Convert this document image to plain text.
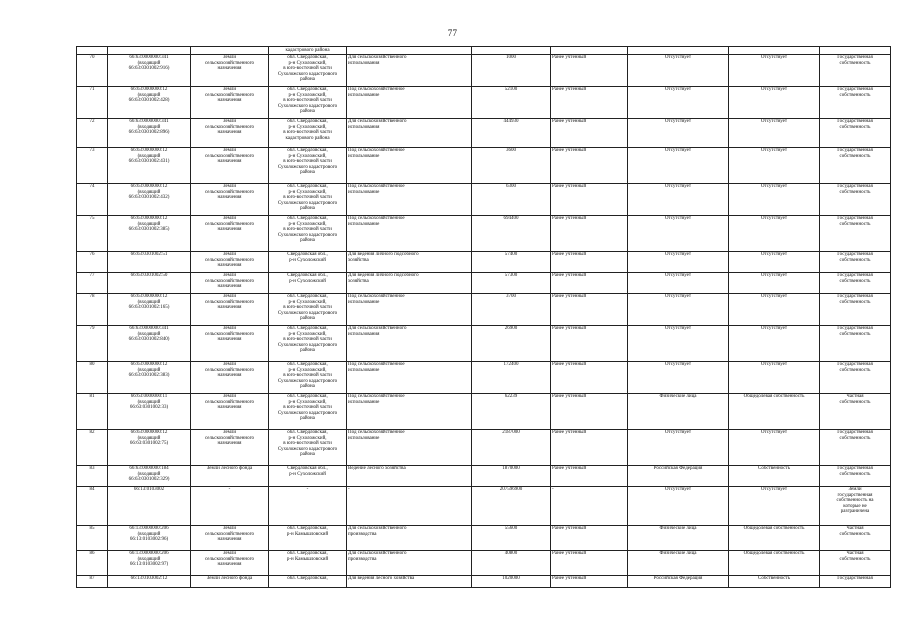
77
			кадастрового района						
70	66:63:0000000:341
(входящий
66:63:0301002:916)	Земли
сельскохозяйственного
назначения	обл. Свердловская,
р-н Сухоложский,
в юго-восточной части
Сухоложского кадастрового района	Для сельскохозяйственного
использования	1000	Ранее учтенный	Отсутствует	Отсутствует	Государственная
собственность
71	66:63:0000000:12
(входящий
66:63:0301002:428)	Земли
сельскохозяйственного
назначения	обл. Свердловская,
р-н Сухоложский,
в юго-восточной части
Сухоложского кадастрового
района	Под сельскохозяйственное
использование	52100	Ранее учтенный	Отсутствует	Отсутствует	Государственная
собственность
72	66:63:0000000:341
(входящий
66:63:0301002:896)	Земли
сельскохозяйственного
назначения	обл. Свердловская,
р-н Сухоложский,
в юго-восточной части
кадастрового района	Для сельскохозяйственного
использования	444930	Ранее учтенный	Отсутствует	Отсутствует	Государственная
собственность
73	66:63:0000000:12
(входящий
66:63:0301002:431)	Земли
сельскохозяйственного
назначения	обл. Свердловская,
р-н Сухоложский,
в юго-восточной части
Сухоложского кадастрового
района	Под сельскохозяйственное
использование	3600	Ранее учтенный	Отсутствует	Отсутствует	Государственная
собственность
74	66:63:0000000:12
(входящий
66:63:0301002:432)	Земли
сельскохозяйственного
назначения	обл. Свердловская,
р-н Сухоложский,
в юго-восточной части
Сухоложского кадастрового
района	Под сельскохозяйственное
использование	6300	Ранее учтенный	Отсутствует	Отсутствует	Государственная
собственность
75	66:63:0000000:12
(входящий
66:63:0301002:385)	Земли
сельскохозяйственного
назначения	обл. Свердловская,
р-н Сухоложский,
в юго-восточной части
Сухоложского кадастрового
района	Под сельскохозяйственное
использование	694400	Ранее учтенный	Отсутствует	Отсутствует	Государственная
собственность
76	66:63:0301002:51	Земли
сельскохозяйственного
назначения	Свердловская обл.,
р-н Сухоложский	Для ведения личного подсобного
хозяйства	57400	Ранее учтенный	Отсутствует	Отсутствует	Государственная
собственность
77	66:63:0301002:50	Земли
сельскохозяйственного
назначения	Свердловская обл.,
р-н Сухоложский	Для ведения личного подсобного
хозяйства	57300	Ранее учтенный	Отсутствует	Отсутствует	Государственная
собственность
78	66:63:0000000:12
(входящий
66:63:0301002:165)	Земли
сельскохозяйственного
назначения	обл. Свердловская,
р-н Сухоложский,
в юго-восточной части
Сухоложского кадастрового
района	Под сельскохозяйственное
использование	3700	Ранее учтенный	Отсутствует	Отсутствует	Государственная
собственность
79	66:63:0000000:341
(входящий
66:63:0301002:840)	Земли
сельскохозяйственного
назначения	обл. Свердловская,
р-н Сухоложский,
в юго-восточной части
Сухоложского кадастрового
района	Для сельскохозяйственного
использования	26900	Ранее учтенный	Отсутствует	Отсутствует	Государственная
собственность
80	66:63:0000000:12
(входящий
66:63:0301002:383)	Земли
сельскохозяйственного
назначения	обл. Свердловская,
р-н Сухоложский,
в юго-восточной части
Сухоложского кадастрового
района	Под сельскохозяйственное
использование	172400	Ранее учтенный	Отсутствует	Отсутствует	Государственная
собственность
81	66:63:0000000:11
(входящий
66:63:0301002:33)	Земли
сельскохозяйственного
назначения	обл. Свердловская,
р-н Сухоложский,
в юго-восточной части
Сухоложского кадастрового
района	Под сельскохозяйственное
использование	62239	Ранее учтенный	Физические лица	Общедолевая собственность	Частная
собственность
82	66:63:0000000:12
(входящий
66:63:0301002:75)	Земли
сельскохозяйственного
назначения	обл. Свердловская,
р-н Сухоложский,
в юго-восточной части
Сухоложского кадастрового
района	Под сельскохозяйственное
использование	2187000	Ранее учтенный	Отсутствует	Отсутствует	Государственная
собственность
83	66:63:0000000:184
(входящий
66:63:0301002:329)	Земли лесного фонда	Свердловская обл.,
р-н Сухоложский	Ведение лесного хозяйства	1870000	Ранее учтенный	Российская Федерация	Собственность	Государственная
собственность
84	66:13:0103002	-	-	-	207596900	-	Отсутствует	Отсутствует	Земли
государственная
собственность на
которые не
разграничена
85	66:13:0000000:206
(входящий
66:13:0103002:96)	Земли
сельскохозяйственного
назначения	обл. Свердловская,
р-н Камышловский	Для сельскохозяйственного
производства	55600	Ранее учтенный	Физические лица	Общедолевая собственность	Частная
собственность
86	66:13:0000000:206
(входящий
66:13:0103002:97)	Земли
сельскохозяйственного
назначения	обл. Свердловская,
р-н Камышловский	Для сельскохозяйственного
производства	40800	Ранее учтенный	Физические лица	Общедолевая собственность	Частная
собственность
87	66:13:0103002:12	Земли лесного фонда	обл. Свердловская,	Для ведения лесного хозяйства	1020000	Ранее учтенный	Российская Федерация	Собственность	Государственная
